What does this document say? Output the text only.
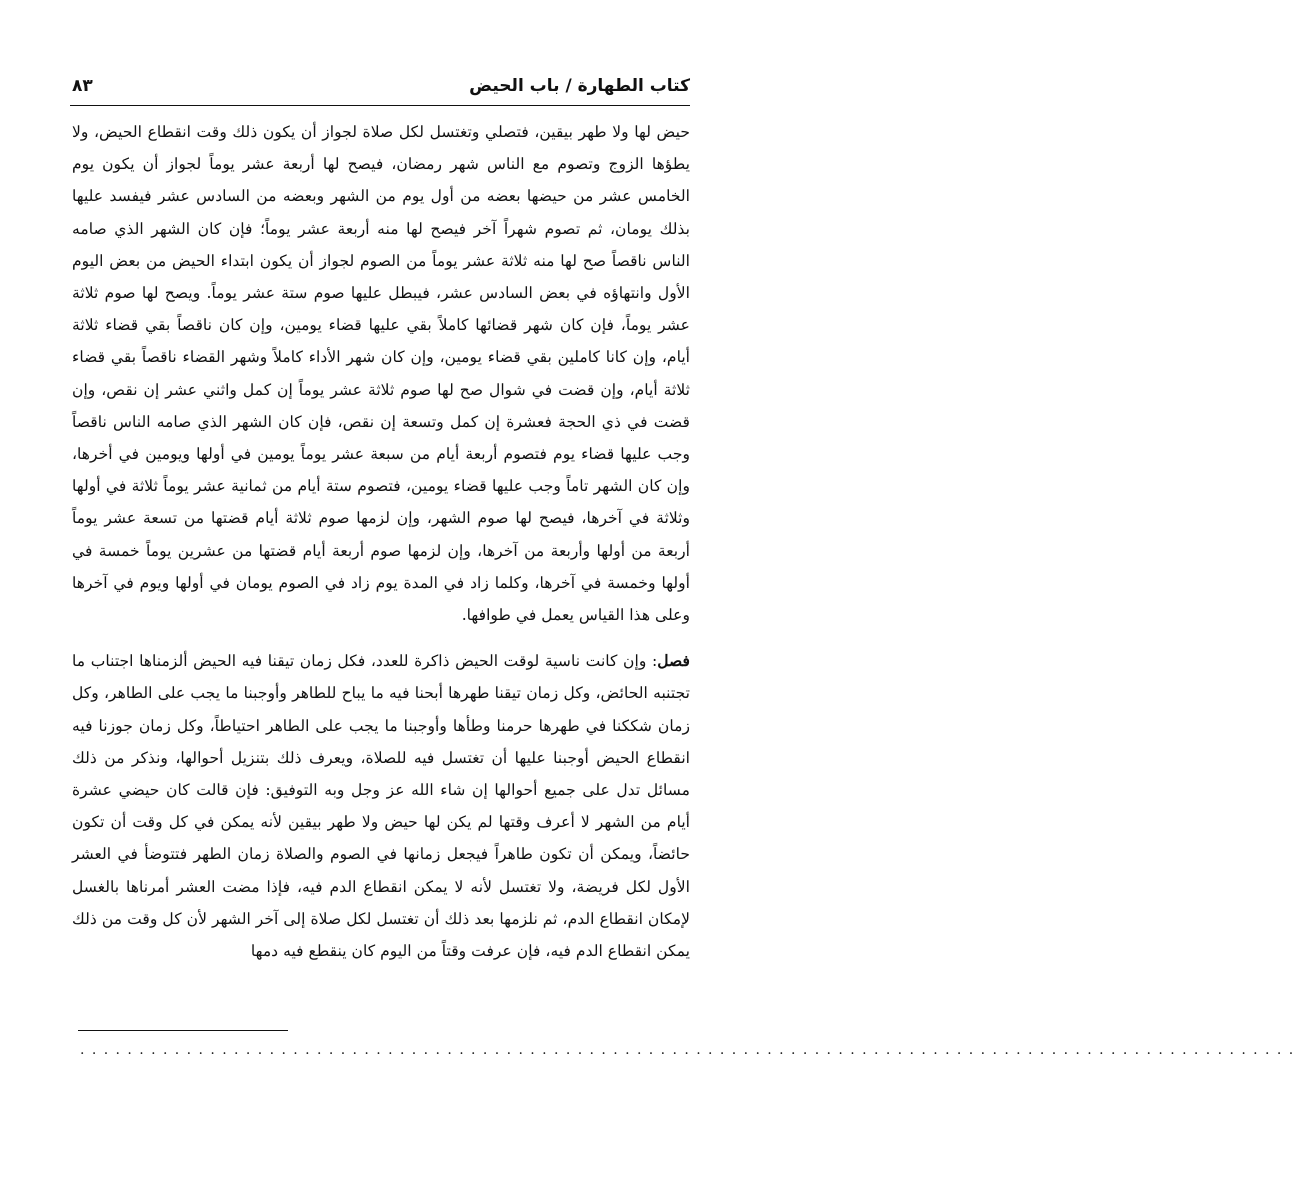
٨٣	كتاب الطهارة / باب الحيض

حيض لها ولا طهر بيقين، فتصلي وتغتسل لكل صلاة لجواز أن يكون ذلك وقت انقطاع الحيض، ولا يطؤها الزوج وتصوم مع الناس شهر رمضان، فيصح لها أربعة عشر يوماً لجواز أن يكون يوم الخامس عشر من حيضها بعضه من أول يوم من الشهر وبعضه من السادس عشر فيفسد عليها بذلك يومان، ثم تصوم شهراً آخر فيصح لها منه أربعة عشر يوماً؛ فإن كان الشهر الذي صامه الناس ناقصاً صح لها منه ثلاثة عشر يوماً من الصوم لجواز أن يكون ابتداء الحيض من بعض اليوم الأول وانتهاؤه في بعض السادس عشر، فيبطل عليها صوم ستة عشر يوماً. ويصح لها صوم ثلاثة عشر يوماً، فإن كان شهر قضائها كاملاً بقي عليها قضاء يومين، وإن كان ناقصاً بقي قضاء ثلاثة أيام، وإن كانا كاملين بقي قضاء يومين، وإن كان شهر الأداء كاملاً وشهر القضاء ناقصاً بقي قضاء ثلاثة أيام، وإن قضت في شوال صح لها صوم ثلاثة عشر يوماً إن كمل واثني عشر إن نقص، وإن قضت في ذي الحجة فعشرة إن كمل وتسعة إن نقص، فإن كان الشهر الذي صامه الناس ناقصاً وجب عليها قضاء يوم فتصوم أربعة أيام من سبعة عشر يوماً يومين في أولها ويومين في أخرها، وإن كان الشهر تاماً وجب عليها قضاء يومين، فتصوم ستة أيام من ثمانية عشر يوماً ثلاثة في أولها وثلاثة في آخرها، فيصح لها صوم الشهر، وإن لزمها صوم ثلاثة أيام قضتها من تسعة عشر يوماً أربعة من أولها وأربعة من آخرها، وإن لزمها صوم أربعة أيام قضتها من عشرين يوماً خمسة في أولها وخمسة في آخرها، وكلما زاد في المدة يوم زاد في الصوم يومان في أولها ويوم في آخرها وعلى هذا القياس يعمل في طوافها.

فصل: وإن كانت ناسية لوقت الحيض ذاكرة للعدد، فكل زمان تيقنا فيه الحيض ألزمناها اجتناب ما تجتنبه الحائض، وكل زمان تيقنا طهرها أبحنا فيه ما يباح للطاهر وأوجبنا ما يجب على الطاهر، وكل زمان شككنا في طهرها حرمنا وطأها وأوجبنا ما يجب على الطاهر احتياطاً، وكل زمان جوزنا فيه انقطاع الحيض أوجبنا عليها أن تغتسل فيه للصلاة، ويعرف ذلك بتنزيل أحوالها، ونذكر من ذلك مسائل تدل على جميع أحوالها إن شاء الله عز وجل وبه التوفيق: فإن قالت كان حيضي عشرة أيام من الشهر لا أعرف وقتها لم يكن لها حيض ولا طهر بيقين لأنه يمكن في كل وقت أن تكون حائضاً، ويمكن أن تكون طاهراً فيجعل زمانها في الصوم والصلاة زمان الطهر فتتوضأ في العشر الأول لكل فريضة، ولا تغتسل لأنه لا يمكن انقطاع الدم فيه، فإذا مضت العشر أمرناها بالغسل لإمكان انقطاع الدم، ثم نلزمها بعد ذلك أن تغتسل لكل صلاة إلى آخر الشهر لأن كل وقت من ذلك يمكن انقطاع الدم فيه، فإن عرفت وقتاً من اليوم كان ينقطع فيه دمها

.......................................................................................................
